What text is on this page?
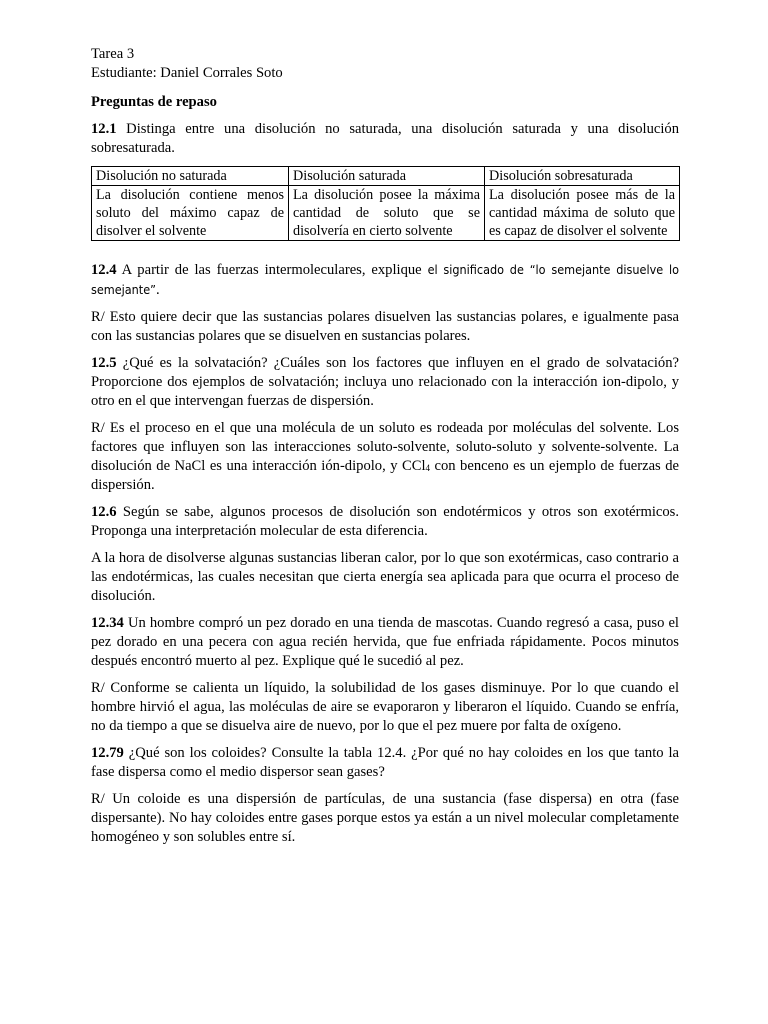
Tarea 3

Estudiante: Daniel Corrales Soto

Preguntas de repaso

12.1 Distinga entre una disolución no saturada, una disolución saturada y una disolución sobresaturada.

Disolución no saturada	Disolución saturada	Disolución sobresaturada
La disolución contiene menos soluto del máximo capaz de disolver el solvente	La disolución posee la máxima cantidad de soluto que se disolvería en cierto solvente	La disolución posee más de la cantidad máxima de soluto que es capaz de disolver el solvente

12.4 A partir de las fuerzas intermoleculares, explique el significado de “lo semejante disuelve lo semejante”.

R/ Esto quiere decir que las sustancias polares disuelven las sustancias polares, e igualmente pasa con las sustancias polares que se disuelven en sustancias polares.

12.5 ¿Qué es la solvatación? ¿Cuáles son los factores que influyen en el grado de solvatación? Proporcione dos ejemplos de solvatación; incluya uno relacionado con la interacción ion-dipolo, y otro en el que intervengan fuerzas de dispersión.

R/ Es el proceso en el que una molécula de un soluto es rodeada por moléculas del solvente. Los factores que influyen son las interacciones soluto-solvente, soluto-soluto y solvente-solvente. La disolución de NaCl es una interacción ión-dipolo, y CCl$_4$ con benceno es un ejemplo de fuerzas de dispersión.

12.6 Según se sabe, algunos procesos de disolución son endotérmicos y otros son exotérmicos. Proponga una interpretación molecular de esta diferencia.

A la hora de disolverse algunas sustancias liberan calor, por lo que son exotérmicas, caso contrario a las endotérmicas, las cuales necesitan que cierta energía sea aplicada para que ocurra el proceso de disolución.

12.34 Un hombre compró un pez dorado en una tienda de mascotas. Cuando regresó a casa, puso el pez dorado en una pecera con agua recién hervida, que fue enfriada rápidamente. Pocos minutos después encontró muerto al pez. Explique qué le sucedió al pez.

R/ Conforme se calienta un líquido, la solubilidad de los gases disminuye. Por lo que cuando el hombre hirvió el agua, las moléculas de aire se evaporaron y liberaron el líquido. Cuando se enfría, no da tiempo a que se disuelva aire de nuevo, por lo que el pez muere por falta de oxígeno.

12.79 ¿Qué son los coloides? Consulte la tabla 12.4. ¿Por qué no hay coloides en los que tanto la fase dispersa como el medio dispersor sean gases?

R/ Un coloide es una dispersión de partículas, de una sustancia (fase dispersa) en otra (fase dispersante). No hay coloides entre gases porque estos ya están a un nivel molecular completamente homogéneo y son solubles entre sí.
